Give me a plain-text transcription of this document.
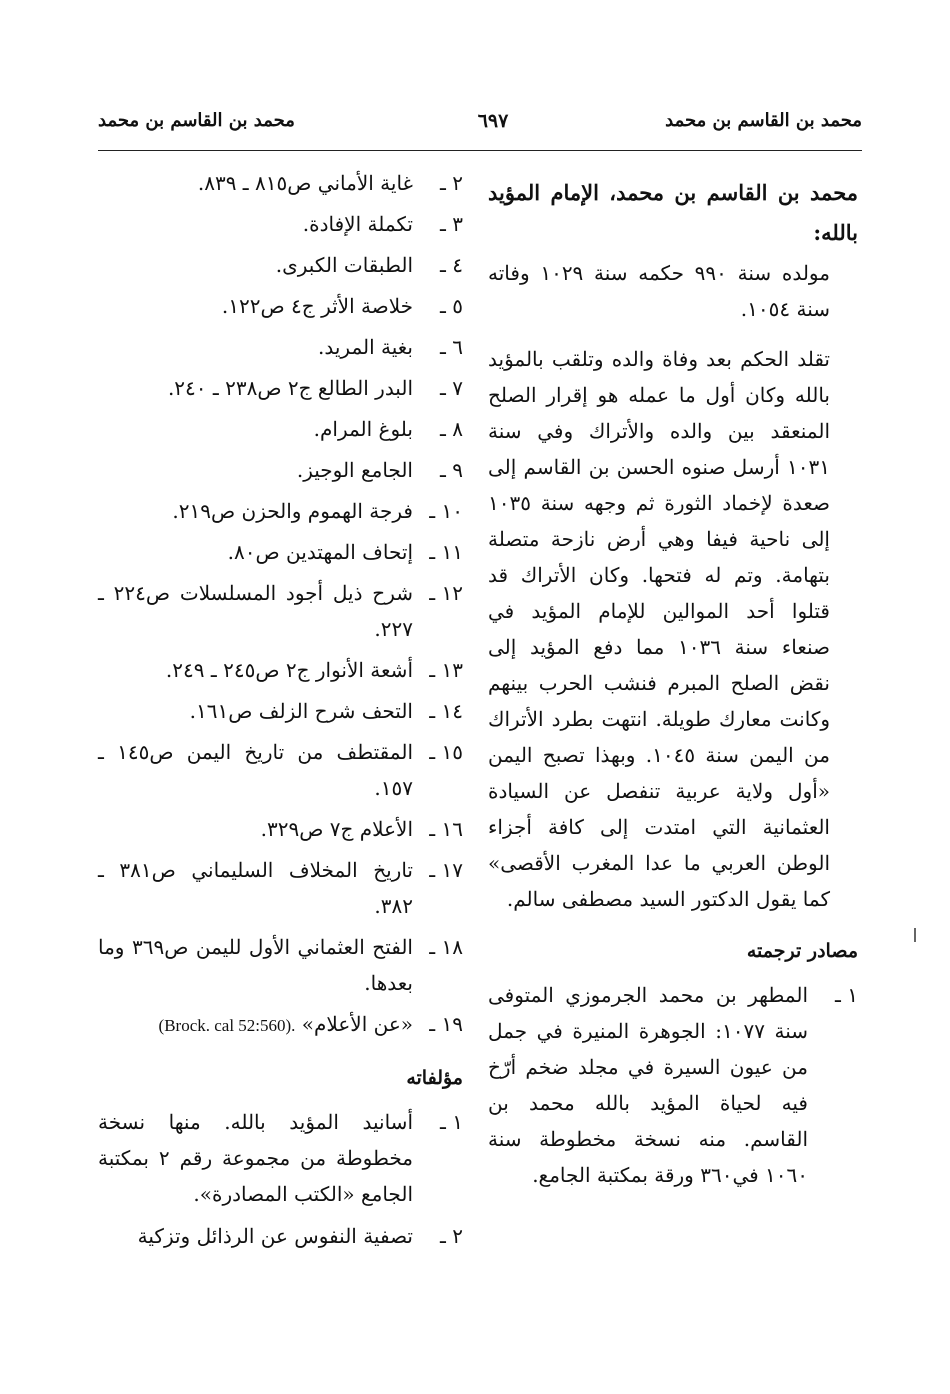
محمد بن القاسم بن محمد
٦٩٧
محمد بن القاسم بن محمد
محمد بن القاسم بن محمد، الإمام المؤيد بالله:

مولده سنة ٩٩٠ حكمه سنة ١٠٢٩ وفاته سنة ١٠٥٤.

تقلد الحكم بعد وفاة والده وتلقب بالمؤيد بالله وكان أول ما عمله هو إقرار الصلح المنعقد بين والده والأتراك وفي سنة ١٠٣١ أرسل صنوه الحسن بن القاسم إلى صعدة لإخماد الثورة ثم وجهه سنة ١٠٣٥ إلى ناحية فيفا وهي أرض نازحة متصلة بتهامة. وتم له فتحها. وكان الأتراك قد قتلوا أحد الموالين للإمام المؤيد في صنعاء سنة ١٠٣٦ مما دفع المؤيد إلى نقض الصلح المبرم فنشب الحرب بينهم وكانت معارك طويلة. انتهت بطرد الأتراك من اليمن سنة ١٠٤٥. وبهذا تصبح اليمن «أول ولاية عربية تنفصل عن السيادة العثمانية التي امتدت إلى كافة أجزاء الوطن العربي ما عدا المغرب الأقصى» كما يقول الدكتور السيد مصطفى سالم.

مصادر ترجمته
١ ـ
المطهر بن محمد الجرموزي المتوفى سنة ١٠٧٧: الجوهرة المنيرة في جمل من عيون السيرة في مجلد ضخم أرّخ فيه لحياة المؤيد بالله محمد بن القاسم. منه نسخة مخطوطة سنة ١٠٦٠ في٣٦٠ ورقة بمكتبة الجامع.
٢ ـ
غاية الأماني ص٨١٥ ـ ٨٣٩.
٣ ـ
تكملة الإفادة.
٤ ـ
الطبقات الكبرى.
٥ ـ
خلاصة الأثر ج٤ ص١٢٢.
٦ ـ
بغية المريد.
٧ ـ
البدر الطالع ج٢ ص٢٣٨ ـ ٢٤٠.
٨ ـ
بلوغ المرام.
٩ ـ
الجامع الوجيز.
١٠ ـ
فرجة الهموم والحزن ص٢١٩.
١١ ـ
إتحاف المهتدين ص٨٠.
١٢ ـ
شرح ذيل أجود المسلسلات ص٢٢٤ ـ ٢٢٧.
١٣ ـ
أشعة الأنوار ج٢ ص٢٤٥ ـ ٢٤٩.
١٤ ـ
التحف شرح الزلف ص١٦١.
١٥ ـ
المقتطف من تاريخ اليمن ص١٤٥ ـ ١٥٧.
١٦ ـ
الأعلام ج٧ ص٣٢٩.
١٧ ـ
تاريخ المخلاف السليماني ص٣٨١ ـ ٣٨٢.
١٨ ـ
الفتح العثماني الأول لليمن ص٣٦٩ وما بعدها.
١٩ ـ
«عن الأعلام» (Brock. cal 52:560).
مؤلفاته
١ ـ
أسانيد المؤيد بالله. منها نسخة مخطوطة من مجموعة رقم ٢ بمكتبة الجامع «الكتب المصادرة».
٢ ـ
تصفية النفوس عن الرذائل وتزكية
